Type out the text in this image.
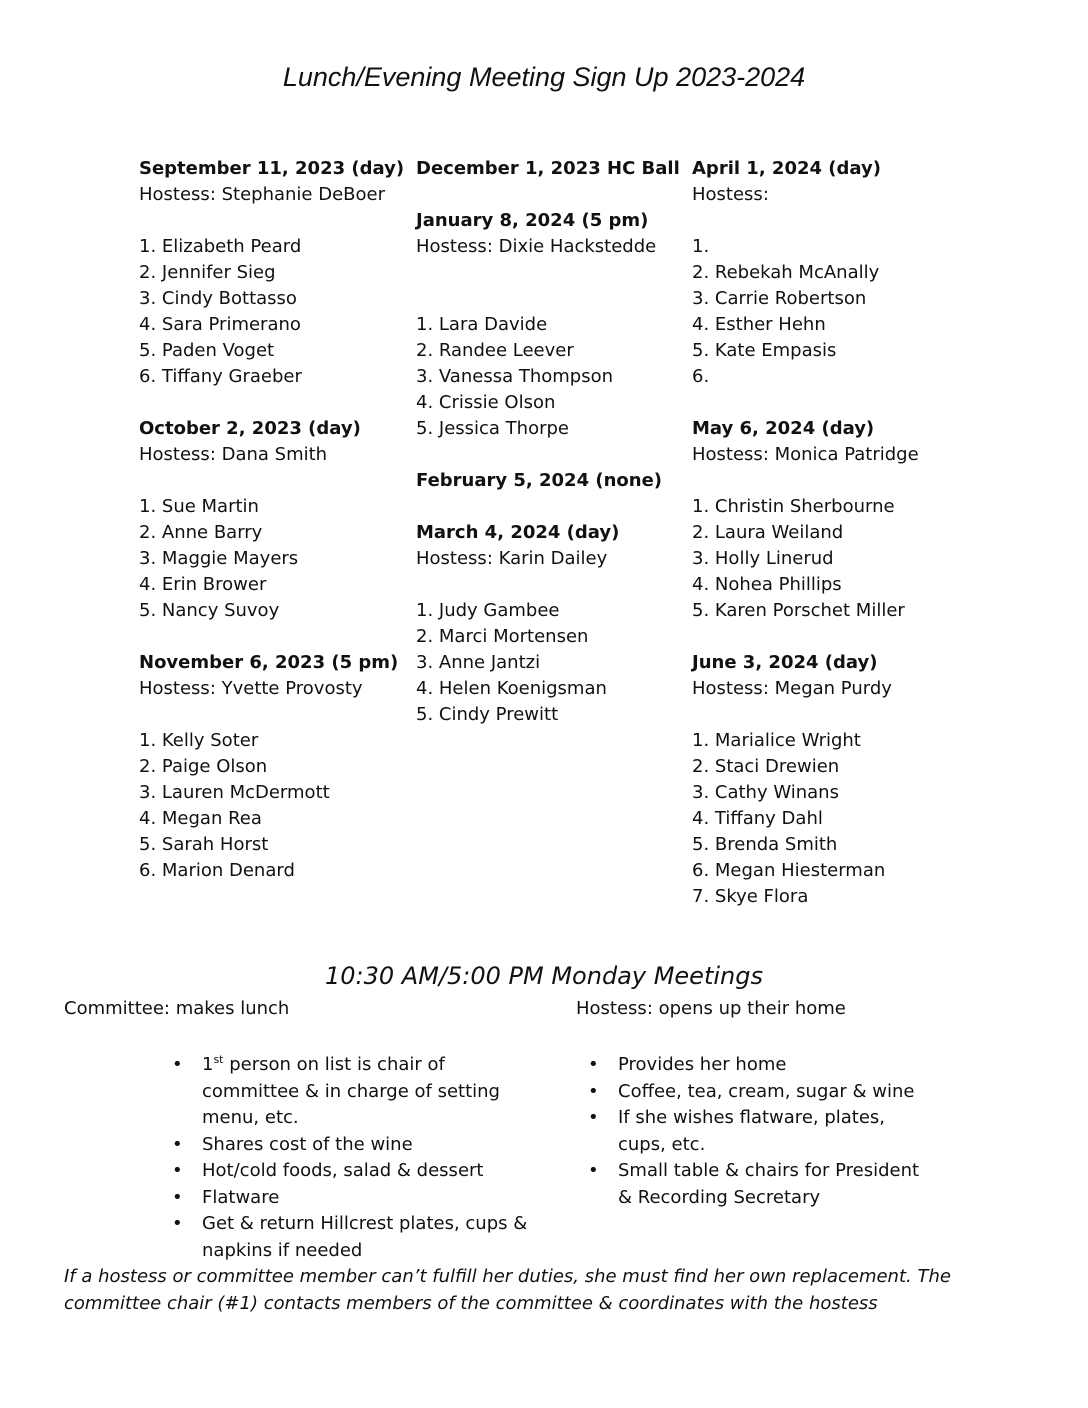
Lunch/Evening Meeting Sign Up 2023-2024
September 11, 2023 (day)
Hostess: Stephanie DeBoer
1. Elizabeth Peard
2. Jennifer Sieg
3. Cindy Bottasso
4. Sara Primerano
5. Paden Voget
6. Tiffany Graeber
October 2, 2023 (day)
Hostess: Dana Smith
1. Sue Martin
2. Anne Barry
3. Maggie Mayers
4. Erin Brower
5. Nancy Suvoy
November 6, 2023 (5 pm)
Hostess: Yvette Provosty
1. Kelly Soter
2. Paige Olson
3. Lauren McDermott
4. Megan Rea
5. Sarah Horst
6. Marion Denard
December 1, 2023 HC Ball
January 8, 2024 (5 pm)
Hostess: Dixie Hackstedde
1. Lara Davide
2. Randee Leever
3. Vanessa Thompson
4. Crissie Olson
5. Jessica Thorpe
February 5, 2024 (none)
March 4, 2024 (day)
Hostess: Karin Dailey
1. Judy Gambee
2. Marci Mortensen
3. Anne Jantzi
4. Helen Koenigsman
5. Cindy Prewitt
April 1, 2024 (day)
Hostess:
1.
2. Rebekah McAnally
3. Carrie Robertson
4. Esther Hehn
5. Kate Empasis
6.
May 6, 2024 (day)
Hostess: Monica Patridge
1. Christin Sherbourne
2. Laura Weiland
3. Holly Linerud
4. Nohea Phillips
5. Karen Porschet Miller
June 3, 2024 (day)
Hostess: Megan Purdy
1. Marialice Wright
2. Staci Drewien
3. Cathy Winans
4. Tiffany Dahl
5. Brenda Smith
6. Megan Hiesterman
7. Skye Flora
10:30 AM/5:00 PM Monday Meetings
Committee: makes lunch	Hostess: opens up their home
• 1st person on list is chair of committee & in charge of setting menu, etc.
• Shares cost of the wine
• Hot/cold foods, salad & dessert
• Flatware
• Get & return Hillcrest plates, cups & napkins if needed
• Provides her home
• Coffee, tea, cream, sugar & wine
• If she wishes flatware, plates, cups, etc.
• Small table & chairs for President & Recording Secretary
If a hostess or committee member can’t fulfill her duties, she must find her own replacement. The committee chair (#1) contacts members of the committee & coordinates with the hostess
